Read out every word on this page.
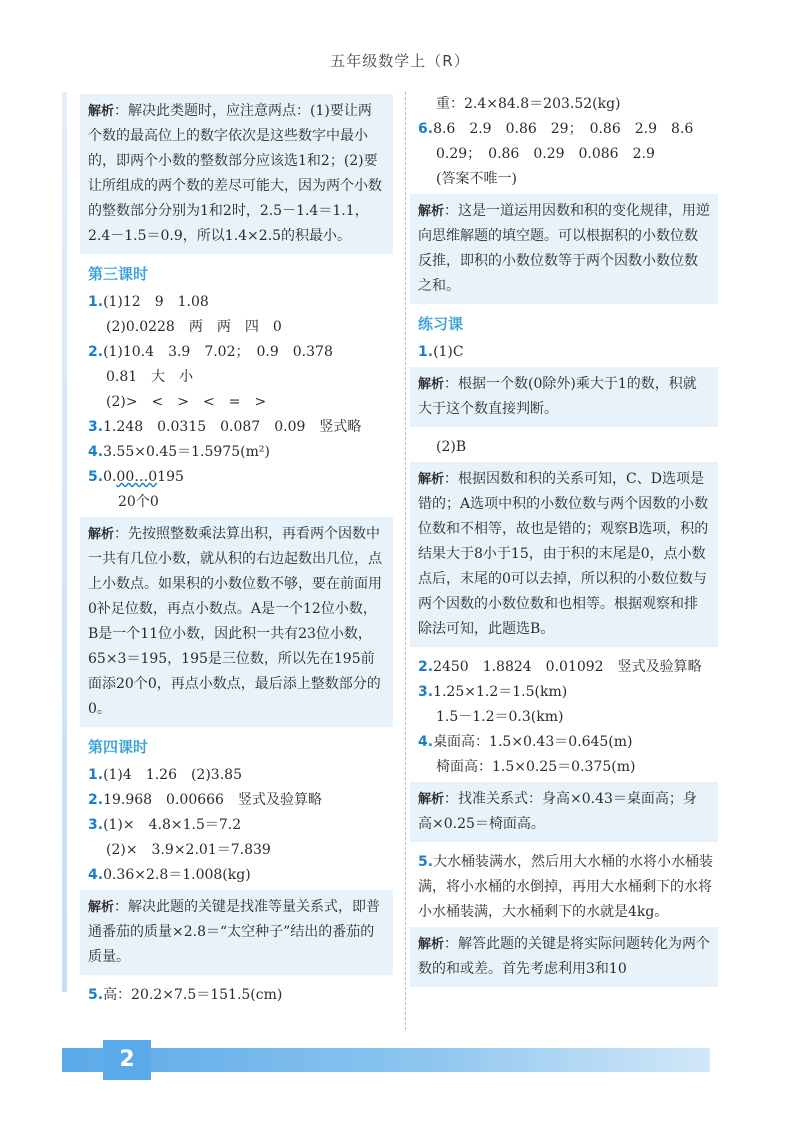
五年级数学上（R）
解析：解决此类题时，应注意两点：(1)要让两个数的最高位上的数字依次是这些数字中最小的，即两个小数的整数部分应该选1和2；(2)要让所组成的两个数的差尽可能大，因为两个小数的整数部分分别为1和2时，2.5－1.4＝1.1，2.4－1.5＝0.9，所以1.4×2.5的积最小。
第三课时
1.(1)12　9　1.08
(2)0.0228　两　两　四　0
2.(1)10.4　3.9　7.02；　0.9　0.378
0.81　大　小
(2)>　<　>　<　=　>
3.1.248　0.0315　0.087　0.09　竖式略
4.3.55×0.45＝1.5975(m²)
5.0.00…0195
20个0
解析：先按照整数乘法算出积，再看两个因数中一共有几位小数，就从积的右边起数出几位，点上小数点。如果积的小数位数不够，要在前面用0补足位数，再点小数点。A是一个12位小数，B是一个11位小数，因此积一共有23位小数，65×3＝195，195是三位数，所以先在195前面添20个0，再点小数点，最后添上整数部分的0。
第四课时
1.(1)4　1.26　(2)3.85
2.19.968　0.00666　竖式及验算略
3.(1)×　4.8×1.5＝7.2
(2)×　3.9×2.01＝7.839
4.0.36×2.8＝1.008(kg)
解析：解决此题的关键是找准等量关系式，即普通番茄的质量×2.8＝“太空种子”结出的番茄的质量。
5.高：20.2×7.5＝151.5(cm)
重：2.4×84.8＝203.52(kg)
6.8.6　2.9　0.86　29；　0.86　2.9　8.6
0.29；　0.86　0.29　0.086　2.9
(答案不唯一)
解析：这是一道运用因数和积的变化规律，用逆向思维解题的填空题。可以根据积的小数位数反推，即积的小数位数等于两个因数小数位数之和。
练习课
1.(1)C
解析：根据一个数(0除外)乘大于1的数，积就大于这个数直接判断。
(2)B
解析：根据因数和积的关系可知，C、D选项是错的；A选项中积的小数位数与两个因数的小数位数和不相等，故也是错的；观察B选项，积的结果大于8小于15，由于积的末尾是0，点小数点后，末尾的0可以去掉，所以积的小数位数与两个因数的小数位数和也相等。根据观察和排除法可知，此题选B。
2.2450　1.8824　0.01092　竖式及验算略
3.1.25×1.2＝1.5(km)
1.5－1.2＝0.3(km)
4.桌面高：1.5×0.43＝0.645(m)
椅面高：1.5×0.25＝0.375(m)
解析：找准关系式：身高×0.43＝桌面高；身高×0.25＝椅面高。
5.大水桶装满水，然后用大水桶的水将小水桶装满，将小水桶的水倒掉，再用大水桶剩下的水将小水桶装满，大水桶剩下的水就是4kg。
解析：解答此题的关键是将实际问题转化为两个数的和或差。首先考虑利用3和10
2
